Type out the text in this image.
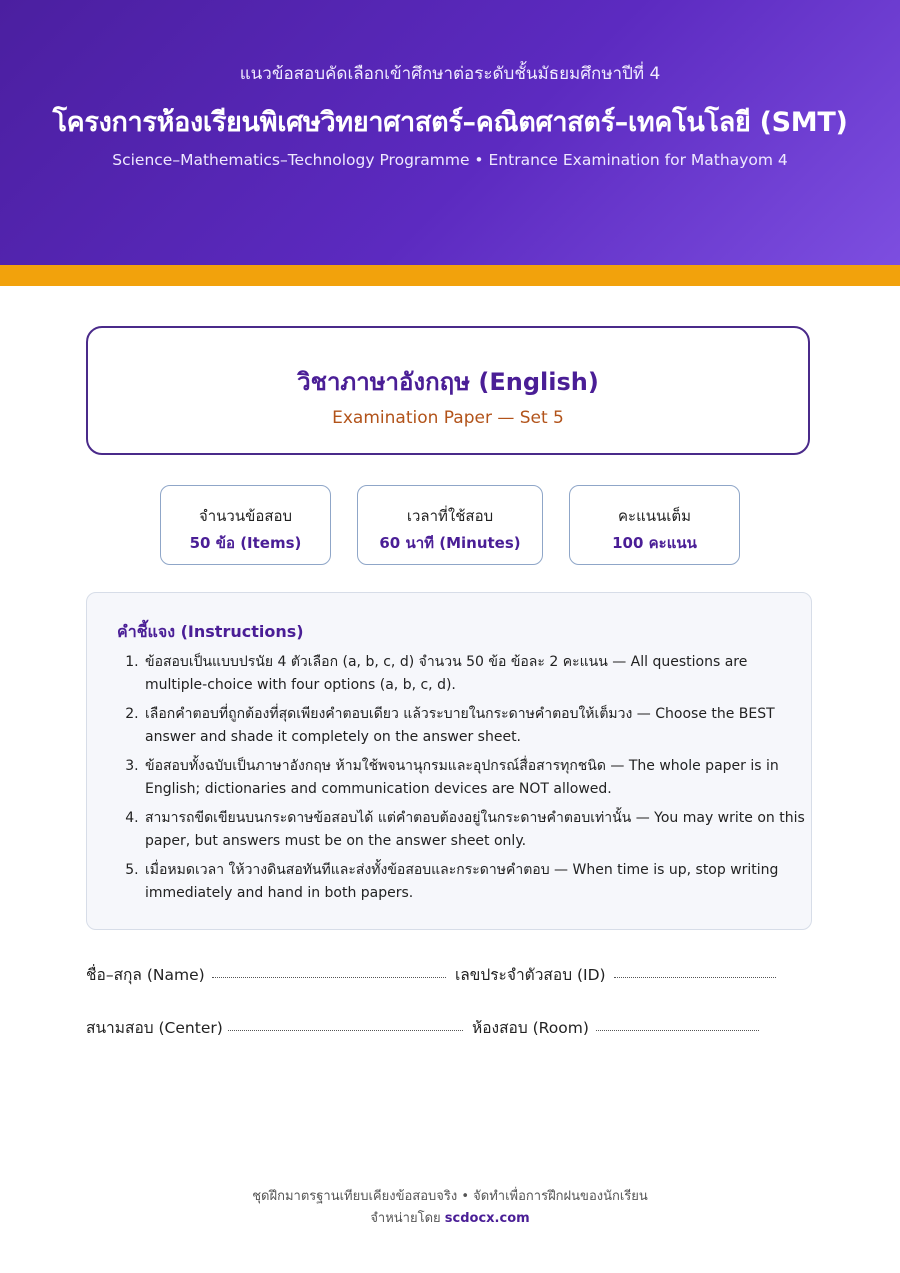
แนวข้อสอบคัดเลือกเข้าศึกษาต่อระดับชั้นมัธยมศึกษาปีที่ 4
โครงการห้องเรียนพิเศษวิทยาศาสตร์–คณิตศาสตร์–เทคโนโลยี (SMT)
Science–Mathematics–Technology Programme • Entrance Examination for Mathayom 4
วิชาภาษาอังกฤษ (English)
Examination Paper — Set 5
จำนวนข้อสอบ
50 ข้อ (Items)
เวลาที่ใช้สอบ
60 นาที (Minutes)
คะแนนเต็ม
100 คะแนน
คำชี้แจง (Instructions)
1. ข้อสอบเป็นแบบปรนัย 4 ตัวเลือก (a, b, c, d) จำนวน 50 ข้อ ข้อละ 2 คะแนน — All questions are multiple-choice with four options (a, b, c, d).
2. เลือกคำตอบที่ถูกต้องที่สุดเพียงคำตอบเดียว แล้วระบายในกระดาษคำตอบให้เต็มวง — Choose the BEST answer and shade it completely on the answer sheet.
3. ข้อสอบทั้งฉบับเป็นภาษาอังกฤษ ห้ามใช้พจนานุกรมและอุปกรณ์สื่อสารทุกชนิด — The whole paper is in English; dictionaries and communication devices are NOT allowed.
4. สามารถขีดเขียนบนกระดาษข้อสอบได้ แต่คำตอบต้องอยู่ในกระดาษคำตอบเท่านั้น — You may write on this paper, but answers must be on the answer sheet only.
5. เมื่อหมดเวลา ให้วางดินสอทันทีและส่งทั้งข้อสอบและกระดาษคำตอบ — When time is up, stop writing immediately and hand in both papers.
ชื่อ–สกุล (Name)	เลขประจำตัวสอบ (ID)
สนามสอบ (Center)	ห้องสอบ (Room)
ชุดฝึกมาตรฐานเทียบเคียงข้อสอบจริง • จัดทำเพื่อการฝึกฝนของนักเรียน
จำหน่ายโดย scdocx.com
